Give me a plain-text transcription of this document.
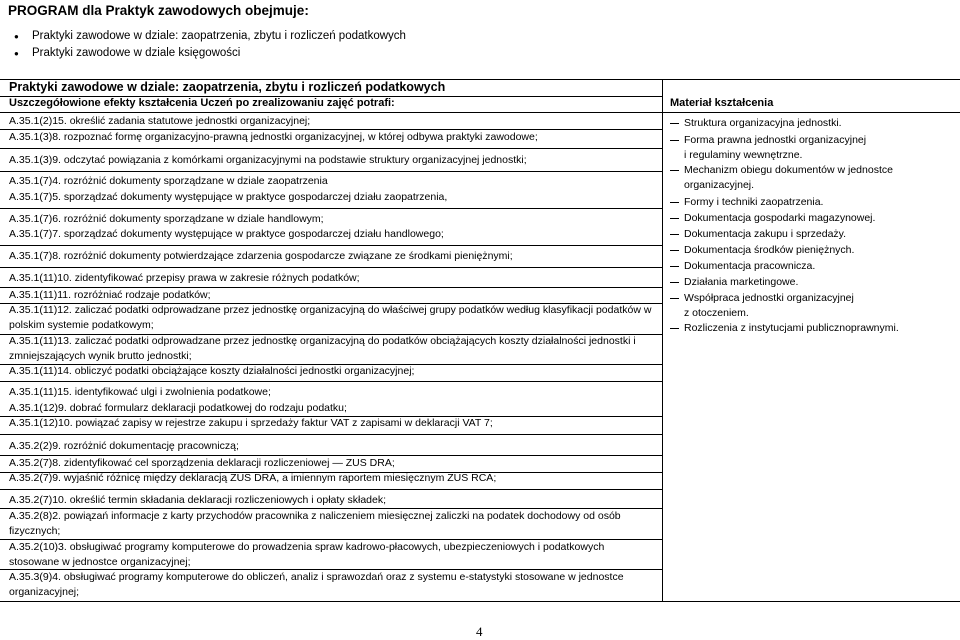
PROGRAM dla Praktyk zawodowych obejmuje:
● Praktyki zawodowe w dziale: zaopatrzenia, zbytu i rozliczeń podatkowych
● Praktyki zawodowe w dziale księgowości
Praktyki zawodowe w dziale: zaopatrzenia, zbytu i rozliczeń podatkowych
Uszczegółowione efekty kształcenia Uczeń po zrealizowaniu zajęć potrafi:	Materiał kształcenia
A.35.1(2)15. określić zadania statutowe jednostki organizacyjnej;
A.35.1(3)8. rozpoznać formę organizacyjno-prawną jednostki organizacyjnej, w której odbywa praktyki zawodowe;
A.35.1(3)9. odczytać powiązania z komórkami organizacyjnymi na podstawie struktury organizacyjnej jednostki;
A.35.1(7)4. rozróżnić dokumenty sporządzane w dziale zaopatrzenia
A.35.1(7)5. sporządzać dokumenty występujące w praktyce gospodarczej działu zaopatrzenia,
A.35.1(7)6. rozróżnić dokumenty sporządzane w dziale handlowym;
A.35.1(7)7. sporządzać dokumenty występujące w praktyce gospodarczej działu handlowego;
A.35.1(7)8. rozróżnić dokumenty potwierdzające zdarzenia gospodarcze związane ze środkami pieniężnymi;
A.35.1(11)10. zidentyfikować przepisy prawa w zakresie różnych podatków;
A.35.1(11)11. rozróżniać rodzaje podatków;
A.35.1(11)12. zaliczać podatki odprowadzane przez jednostkę organizacyjną do właściwej grupy podatków według klasyfikacji podatków w polskim systemie podatkowym;
A.35.1(11)13. zaliczać podatki odprowadzane przez jednostkę organizacyjną do podatków obciążających koszty działalności jednostki i zmniejszających wynik brutto jednostki;
A.35.1(11)14. obliczyć podatki obciążające koszty działalności jednostki organizacyjnej;
A.35.1(11)15. identyfikować ulgi i zwolnienia podatkowe;
A.35.1(12)9. dobrać formularz deklaracji podatkowej do rodzaju podatku;
A.35.1(12)10. powiązać zapisy w rejestrze zakupu i sprzedaży faktur VAT z zapisami w deklaracji VAT 7;
A.35.2(2)9. rozróżnić dokumentację pracowniczą;
A.35.2(7)8. zidentyfikować cel sporządzenia deklaracji rozliczeniowej — ZUS DRA;
A.35.2(7)9. wyjaśnić różnicę między deklaracją ZUS DRA, a imiennym raportem miesięcznym ZUS RCA;
A.35.2(7)10. określić termin składania deklaracji rozliczeniowych i opłaty składek;
A.35.2(8)2. powiązań informacje z karty przychodów pracownika z naliczeniem miesięcznej zaliczki na podatek dochodowy od osób fizycznych;
A.35.2(10)3. obsługiwać programy komputerowe do prowadzenia spraw kadrowo-płacowych, ubezpieczeniowych i podatkowych stosowane w jednostce organizacyjnej;
A.35.3(9)4. obsługiwać programy komputerowe do obliczeń, analiz i sprawozdań oraz z systemu e-statystyki stosowane w jednostce organizacyjnej;
Struktura organizacyjna jednostki.
Forma prawna jednostki organizacyjnej
i regulaminy wewnętrzne.
Mechanizm obiegu dokumentów w jednostce organizacyjnej.
Formy i techniki zaopatrzenia.
Dokumentacja gospodarki magazynowej.
Dokumentacja zakupu i sprzedaży.
Dokumentacja środków pieniężnych.
Dokumentacja pracownicza.
Działania marketingowe.
Współpraca jednostki organizacyjnej
z otoczeniem.
Rozliczenia z instytucjami publicznoprawnymi.
4
